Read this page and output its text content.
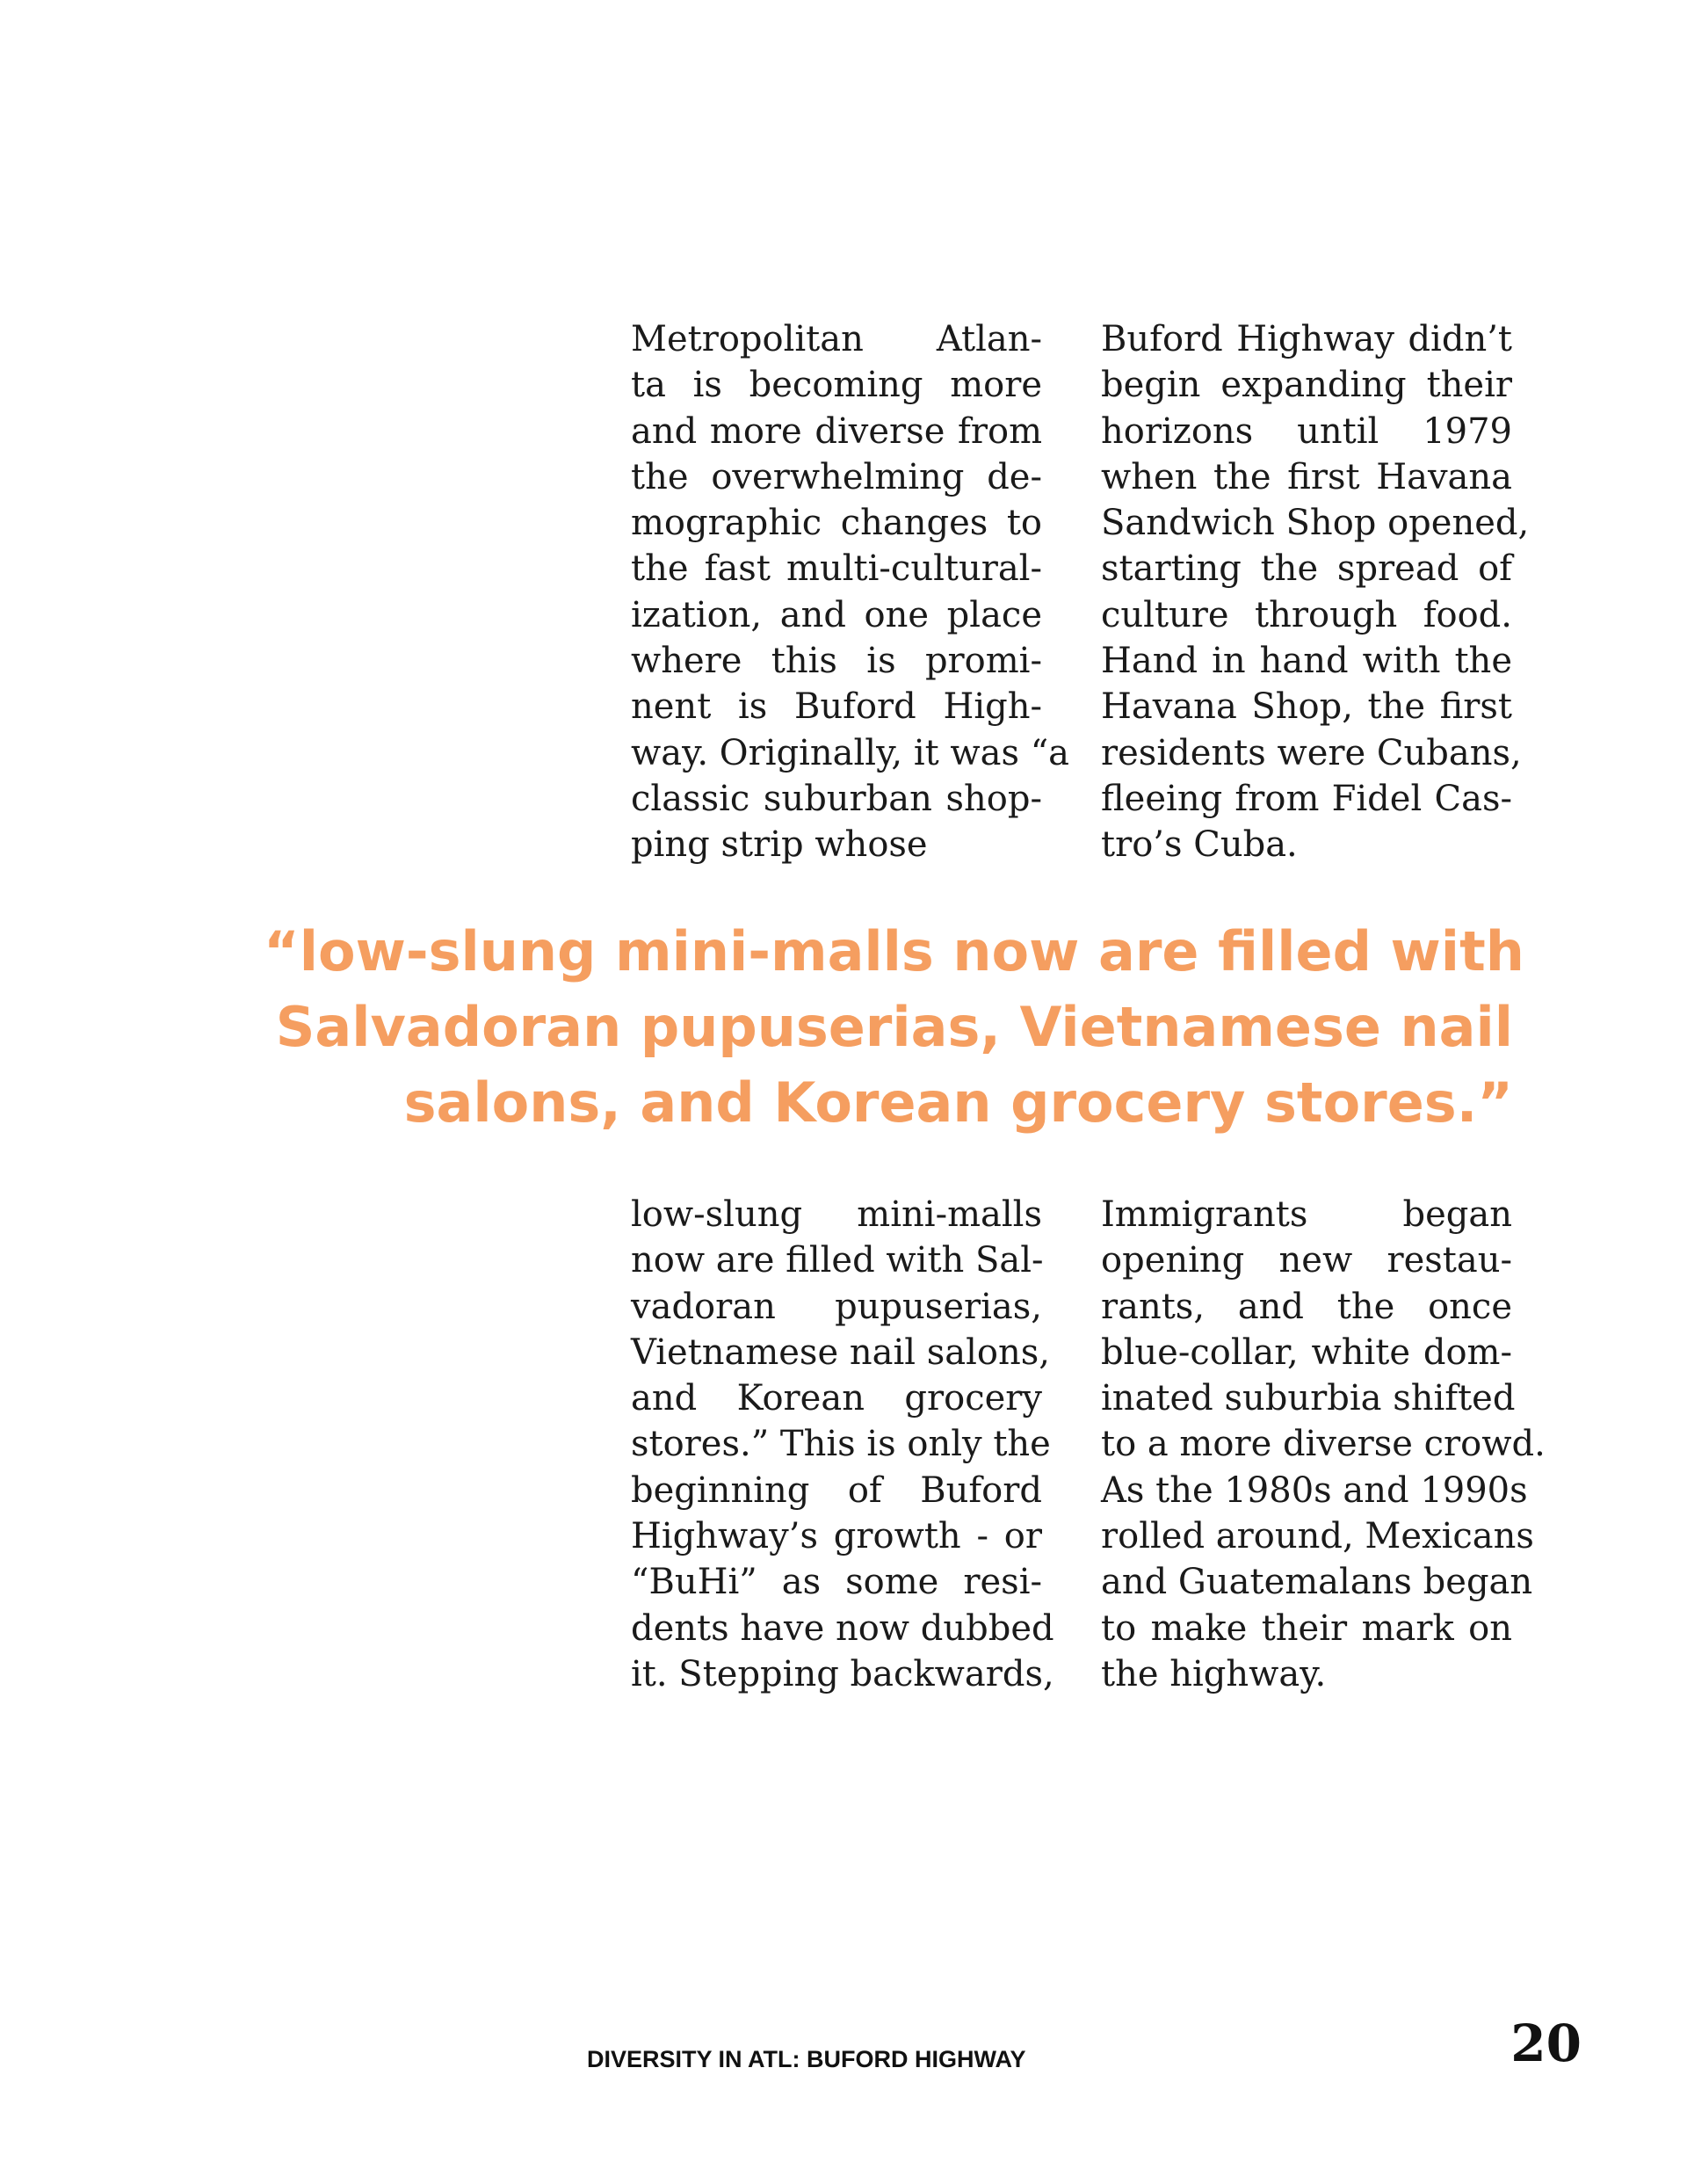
Metropolitan Atlan-
ta is becoming more
and more diverse from
the overwhelming de-
mographic changes to
the fast multi-cultural-
ization, and one place
where this is promi-
nent is Buford High-
way. Originally, it was “a
classic suburban shop-
ping strip whose
Buford Highway didn’t
begin expanding their
horizons until 1979
when the first Havana
Sandwich Shop opened,
starting the spread of
culture through food.
Hand in hand with the
Havana Shop, the first
residents were Cubans,
fleeing from Fidel Cas-
tro’s Cuba.
“low-slung mini-malls now are filled with
Salvadoran pupuserias, Vietnamese nail
salons, and Korean grocery stores.”
low-slung mini-malls
now are filled with Sal-
vadoran pupuserias,
Vietnamese nail salons,
and Korean grocery
stores.” This is only the
beginning of Buford
Highway’s growth - or
“BuHi” as some resi-
dents have now dubbed
it. Stepping backwards,
Immigrants began
opening new restau-
rants, and the once
blue-collar, white dom-
inated suburbia shifted
to a more diverse crowd.
As the 1980s and 1990s
rolled around, Mexicans
and Guatemalans began
to make their mark on
the highway.
DIVERSITY IN ATL: BUFORD HIGHWAY	20
